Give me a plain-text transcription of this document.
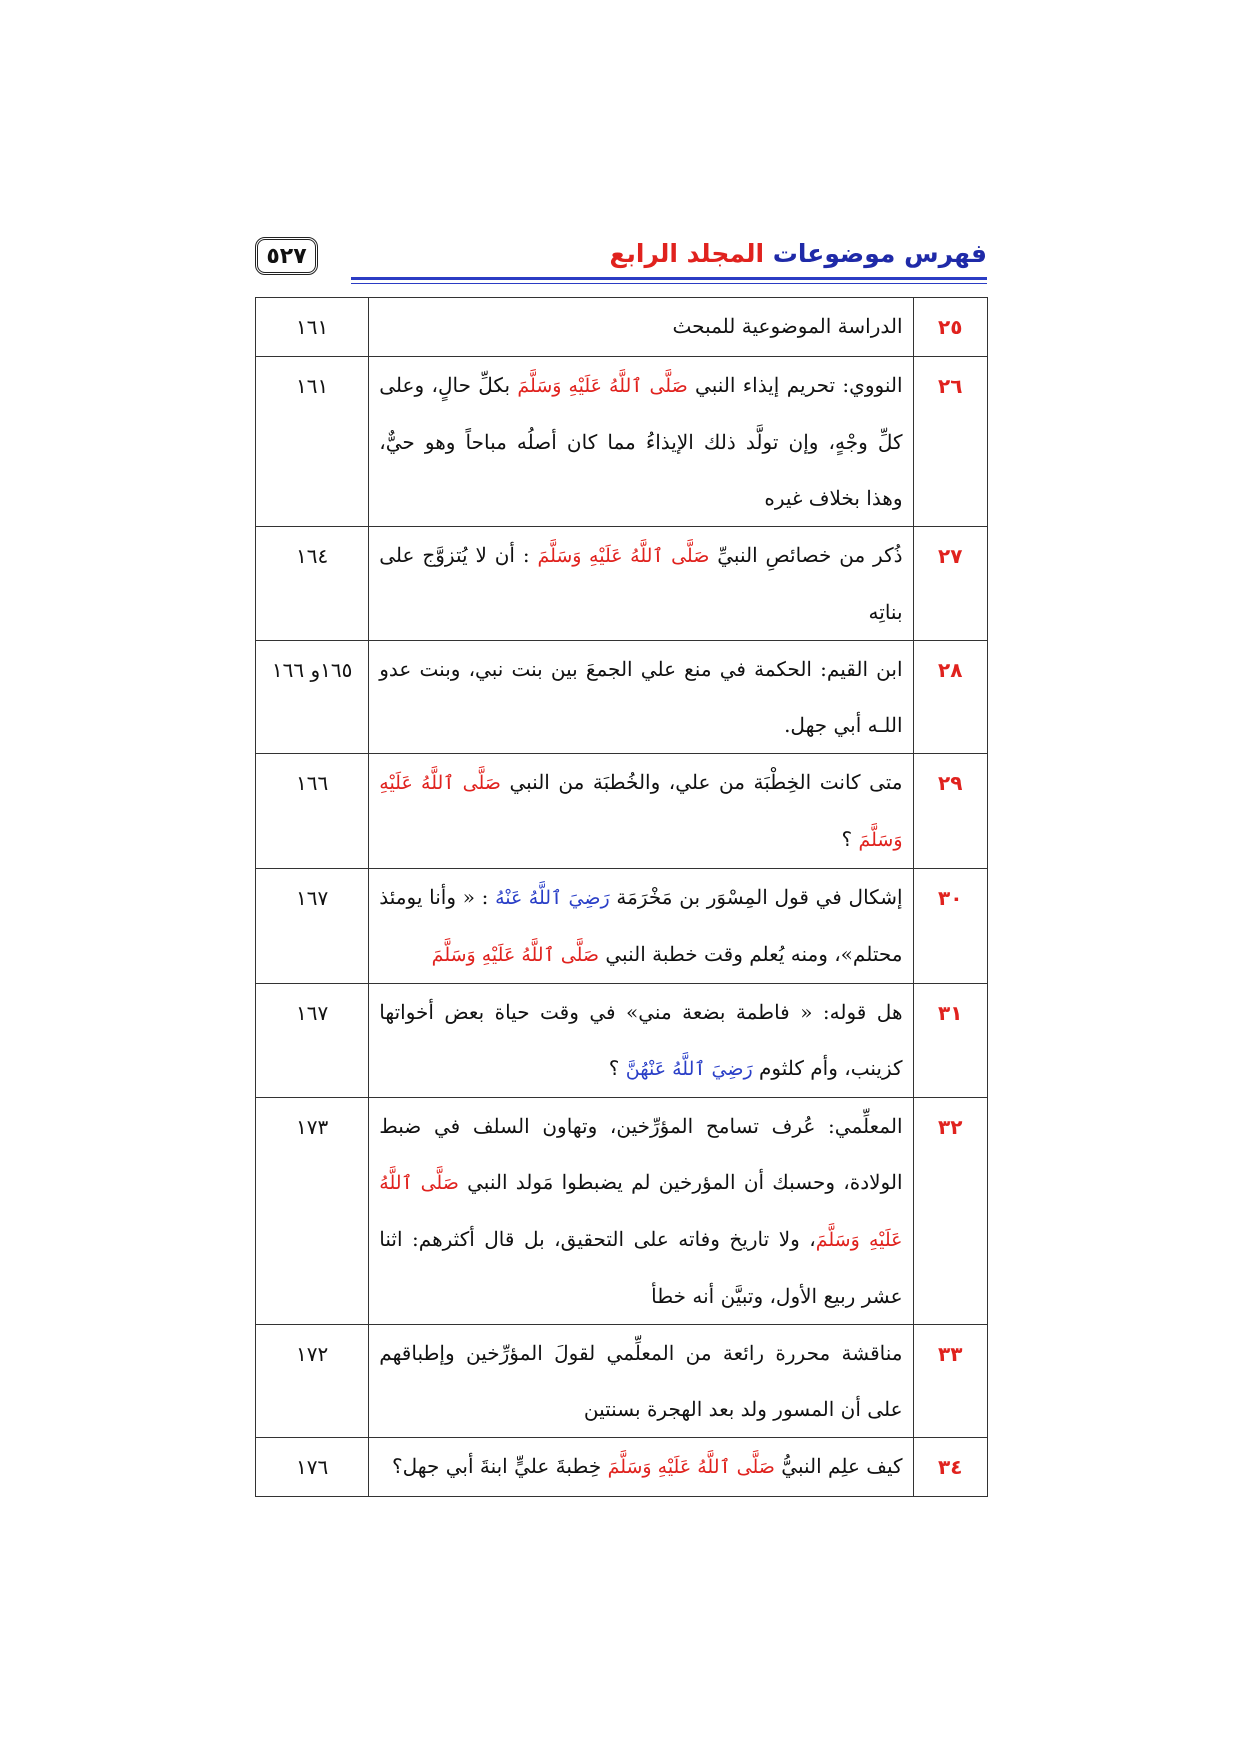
٥٢٧	فهرس موضوعات المجلد الرابع
٢٥	الدراسة الموضوعية للمبحث	١٦١
٢٦	النووي: تحريم إيذاء النبي صَلَّى ٱللَّهُ عَلَيْهِ وَسَلَّمَ بكلِّ حالٍ، وعلى كلِّ وجْهٍ، وإن تولَّد ذلك الإيذاءُ مما كان أصلُه مباحاً وهو حيٌّ، وهذا بخلاف غيره	١٦١
٢٧	ذُكر من خصائصِ النبيِّ صَلَّى ٱللَّهُ عَلَيْهِ وَسَلَّمَ : أن لا يُتزوَّج على بناتِه	١٦٤
٢٨	ابن القيم: الحكمة في منع علي الجمعَ بين بنت نبي، وبنت عدو اللـه أبي جهل.	١٦٥و ١٦٦
٢٩	متى كانت الخِطْبَة من علي، والخُطبَة من النبي صَلَّى ٱللَّهُ عَلَيْهِ وَسَلَّمَ ؟	١٦٦
٣٠	إشكال في قول المِسْوَر بن مَخْرَمَة رَضِيَ ٱللَّهُ عَنْهُ : « وأنا يومئذ محتلم»، ومنه يُعلم وقت خطبة النبي صَلَّى ٱللَّهُ عَلَيْهِ وَسَلَّمَ	١٦٧
٣١	هل قوله: « فاطمة بضعة مني» في وقت حياة بعض أخواتها كزينب، وأم كلثوم رَضِيَ ٱللَّهُ عَنْهُنَّ ؟	١٦٧
٣٢	المعلِّمي: عُرف تسامح المؤرِّخين، وتهاون السلف في ضبط الولادة، وحسبك أن المؤرخين لم يضبطوا مَولد النبي صَلَّى ٱللَّهُ عَلَيْهِ وَسَلَّمَ، ولا تاريخ وفاته على التحقيق، بل قال أكثرهم: اثنا عشر ربيع الأول، وتبيَّن أنه خطأ	١٧٣
٣٣	مناقشة محررة رائعة من المعلِّمي لقولَ المؤرِّخين وإطباقهم على أن المسور ولد بعد الهجرة بسنتين	١٧٢
٣٤	كيف علِم النبيُّ صَلَّى ٱللَّهُ عَلَيْهِ وَسَلَّمَ خِطبةَ عليٍّ ابنةَ أبي جهل؟	١٧٦
